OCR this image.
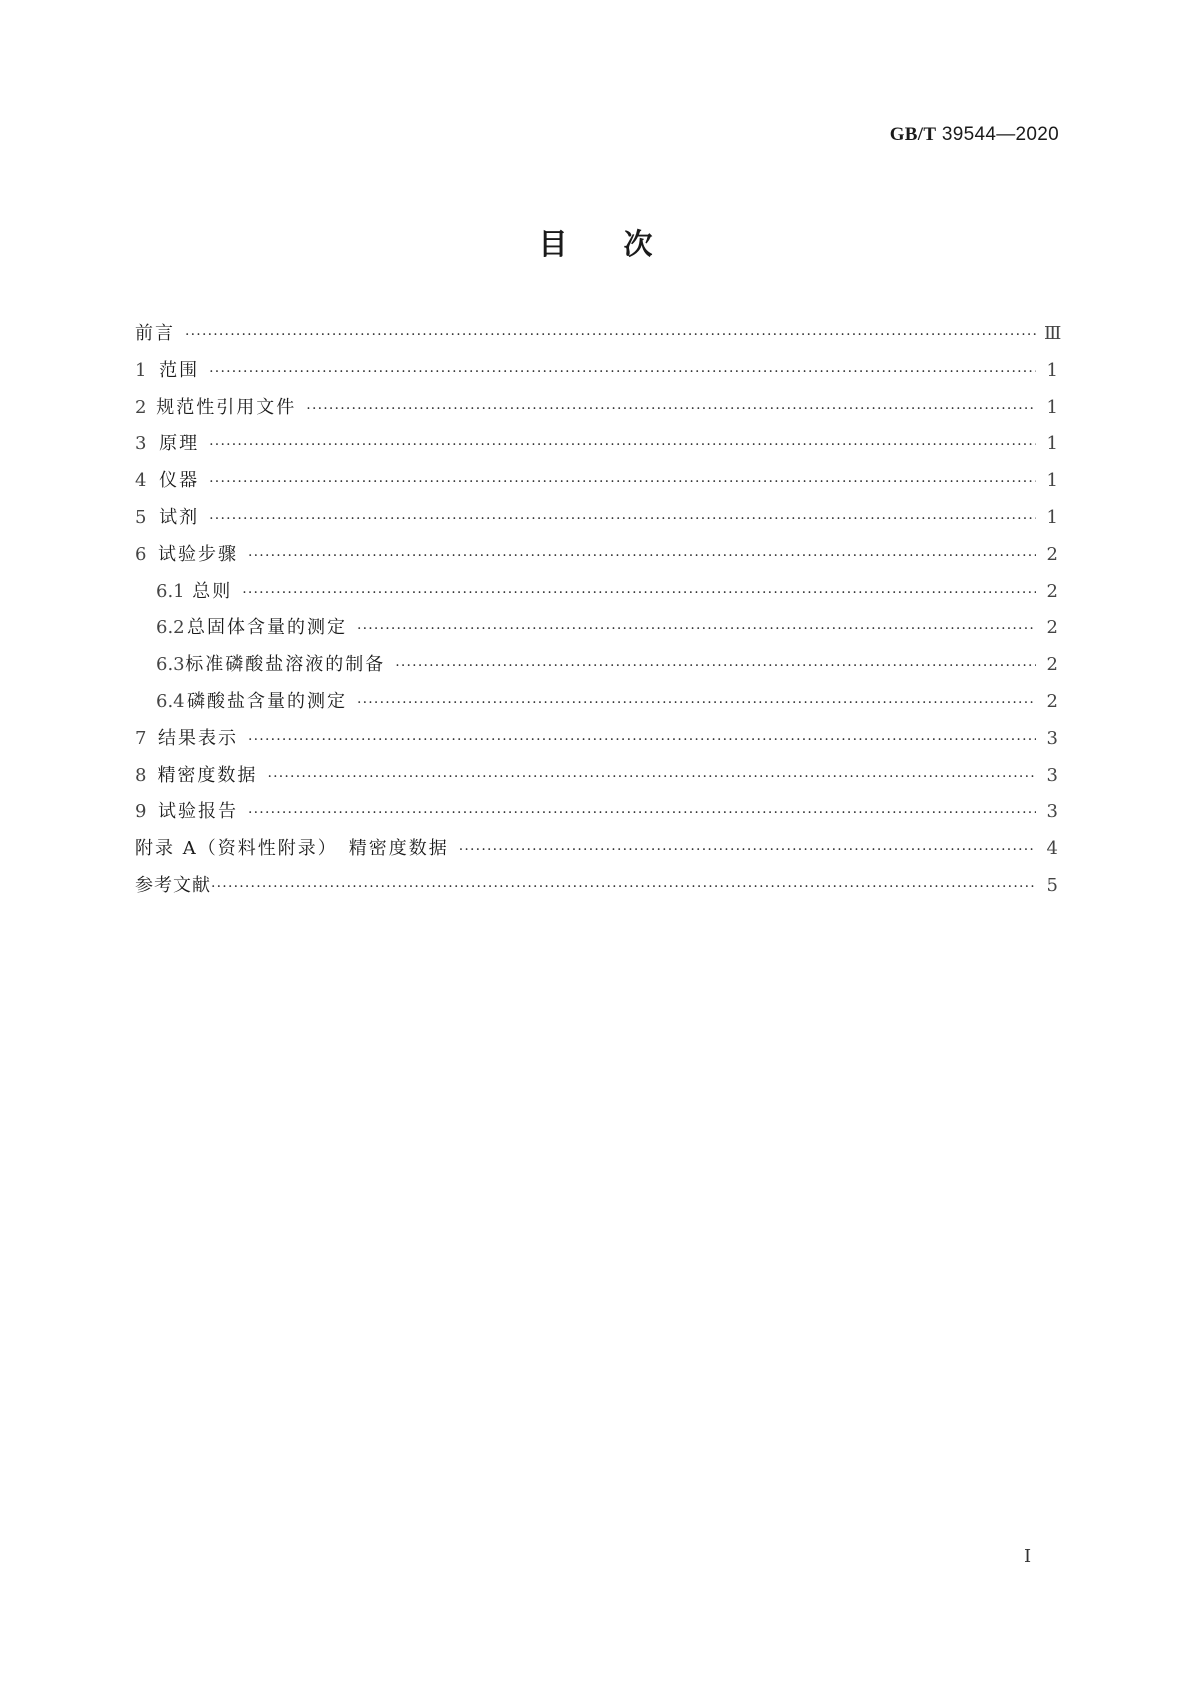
GB/T 39544—2020
目 次
前言 ·····	Ⅲ
1 范围 ·····	1
2 规范性引用文件 ·····	1
3 原理 ·····	1
4 仪器 ·····	1
5 试剂 ·····	1
6 试验步骤 ·····	2
6.1 总则 ·····	2
6.2 总固体含量的测定 ·····	2
6.3 标准磷酸盐溶液的制备 ·····	2
6.4 磷酸盐含量的测定 ·····	2
7 结果表示 ·····	3
8 精密度数据 ·····	3
9 试验报告 ·····	3
附录 A（资料性附录）　精密度数据 ·····	4
参考文献 ·····	5
I
